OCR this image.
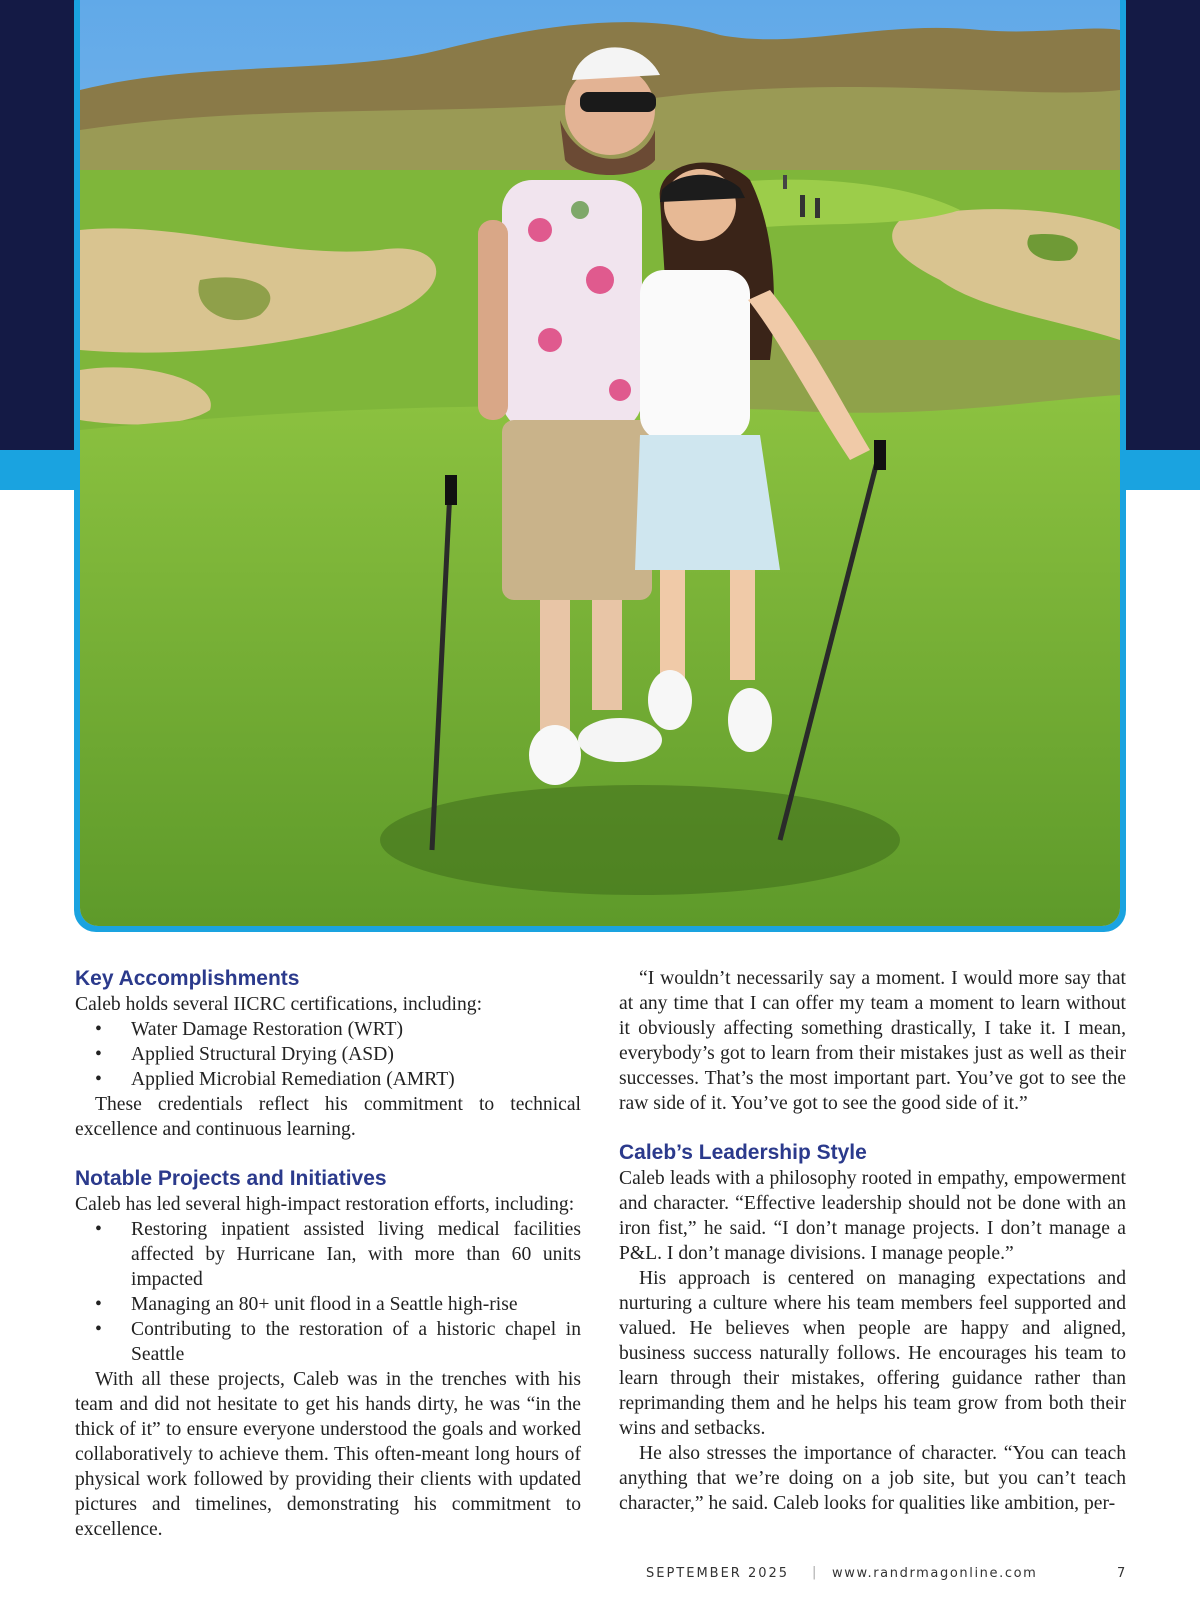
Key Accomplishments

Caleb holds several IICRC certifications, including:

• Water Damage Restoration (WRT)
• Applied Structural Drying (ASD)
• Applied Microbial Remediation (AMRT)

These credentials reflect his commitment to technical excellence and continuous learning.

Notable Projects and Initiatives

Caleb has led several high-impact restoration efforts, including:

• Restoring inpatient assisted living medical facilities affected by Hurricane Ian, with more than 60 units impacted
• Managing an 80+ unit flood in a Seattle high-rise
• Contributing to the restoration of a historic chapel in Seattle

With all these projects, Caleb was in the trenches with his team and did not hesitate to get his hands dirty, he was “in the thick of it” to ensure everyone understood the goals and worked collaboratively to achieve them. This often-meant long hours of physical work followed by providing their clients with updated pictures and timelines, demonstrating his commitment to excellence.

“I wouldn’t necessarily say a moment. I would more say that at any time that I can offer my team a moment to learn without it obviously affecting something drastically, I take it. I mean, everybody’s got to learn from their mistakes just as well as their successes. That’s the most important part. You’ve got to see the raw side of it. You’ve got to see the good side of it.”

Caleb’s Leadership Style

Caleb leads with a philosophy rooted in empathy, empowerment and character. “Effective leadership should not be done with an iron fist,” he said. “I don’t manage projects. I don’t manage a P&L. I don’t manage divisions. I manage people.”

His approach is centered on managing expectations and nurturing a culture where his team members feel supported and valued. He believes when people are happy and aligned, business success naturally follows. He encourages his team to learn through their mistakes, offering guidance rather than reprimanding them and he helps his team grow from both their wins and setbacks.

He also stresses the importance of character. “You can teach anything that we’re doing on a job site, but you can’t teach character,” he said. Caleb looks for qualities like ambition, per-

SEPTEMBER 2025 | www.randrmagonline.com	7
